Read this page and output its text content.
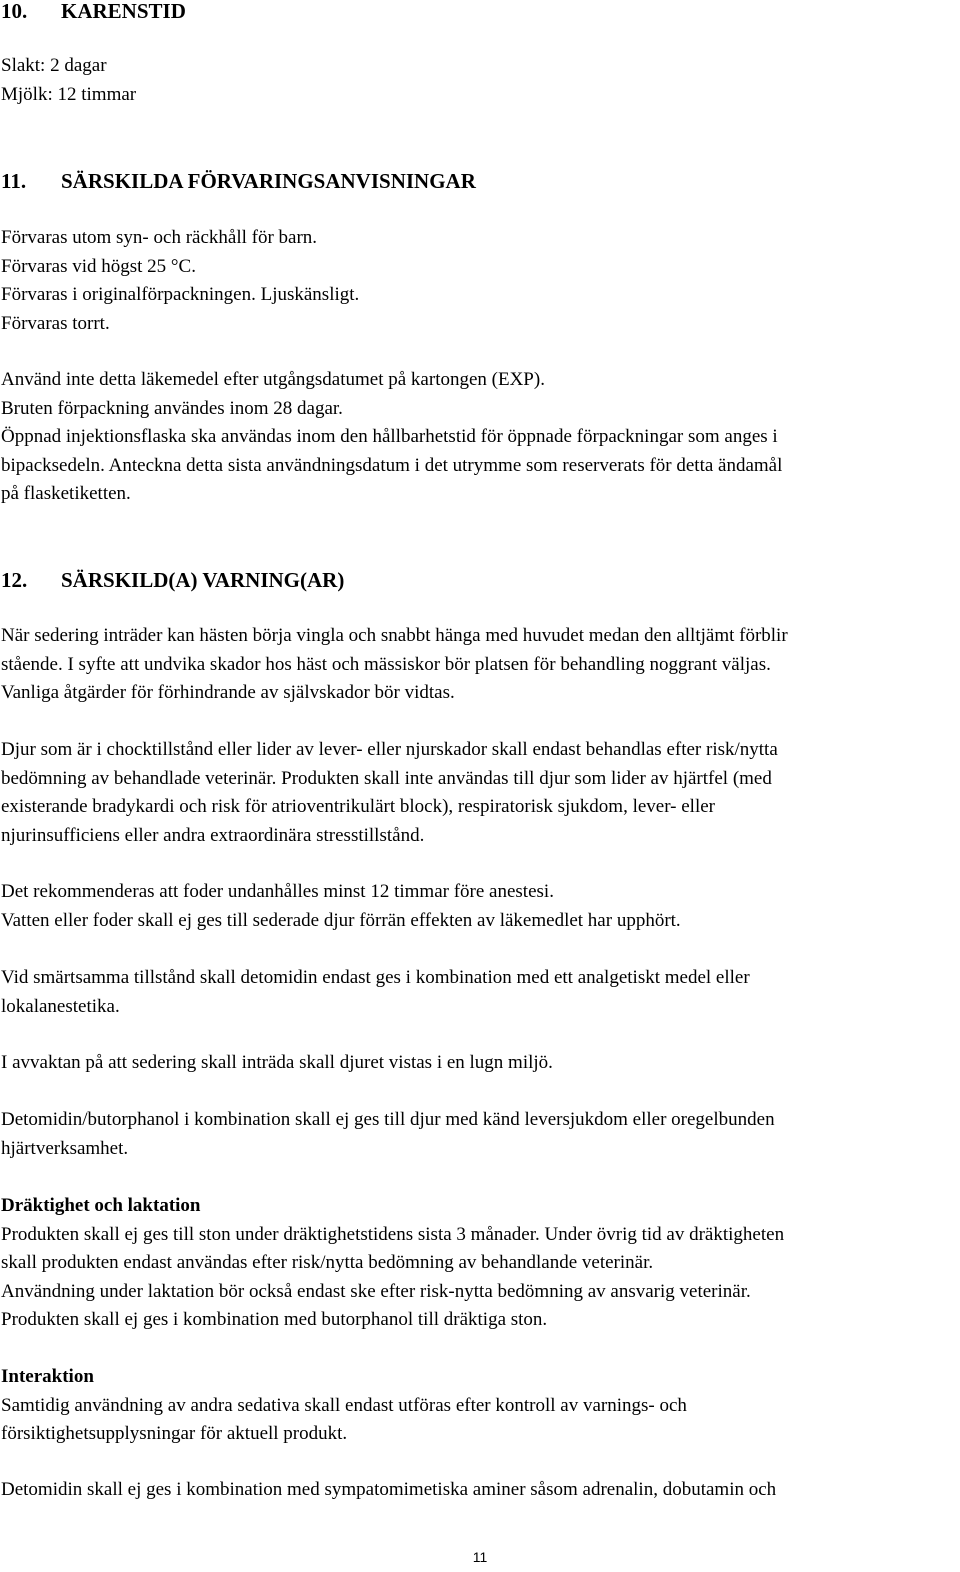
10. KARENSTID
Slakt: 2 dagar
Mjölk: 12 timmar
11. SÄRSKILDA FÖRVARINGSANVISNINGAR
Förvaras utom syn- och räckhåll för barn.
Förvaras vid högst 25 °C.
Förvaras i originalförpackningen. Ljuskänsligt.
Förvaras torrt.
Använd inte detta läkemedel efter utgångsdatumet på kartongen (EXP).
Bruten förpackning användes inom 28 dagar.
Öppnad injektionsflaska ska användas inom den hållbarhetstid för öppnade förpackningar som anges i
bipacksedeln. Anteckna detta sista användningsdatum i det utrymme som reserverats för detta ändamål
på flasketiketten.
12. SÄRSKILD(A) VARNING(AR)
När sedering inträder kan hästen börja vingla och snabbt hänga med huvudet medan den alltjämt förblir
stående. I syfte att undvika skador hos häst och mässiskor bör platsen för behandling noggrant väljas.
Vanliga åtgärder för förhindrande av självskador bör vidtas.
Djur som är i chocktillstånd eller lider av lever- eller njurskador skall endast behandlas efter risk/nytta
bedömning av behandlade veterinär. Produkten skall inte användas till djur som lider av hjärtfel (med
existerande bradykardi och risk för atrioventrikulärt block), respiratorisk sjukdom, lever- eller
njurinsufficiens eller andra extraordinära stresstillstånd.
Det rekommenderas att foder undanhålles minst 12 timmar före anestesi.
Vatten eller foder skall ej ges till sederade djur förrän effekten av läkemedlet har upphört.
Vid smärtsamma tillstånd skall detomidin endast ges i kombination med ett analgetiskt medel eller
lokalanestetika.
I avvaktan på att sedering skall inträda skall djuret vistas i en lugn miljö.
Detomidin/butorphanol i kombination skall ej ges till djur med känd leversjukdom eller oregelbunden
hjärtverksamhet.
Dräktighet och laktation
Produkten skall ej ges till ston under dräktighetstidens sista 3 månader. Under övrig tid av dräktigheten
skall produkten endast användas efter risk/nytta bedömning av behandlande veterinär.
Användning under laktation bör också endast ske efter risk-nytta bedömning av ansvarig veterinär.
Produkten skall ej ges i kombination med butorphanol till dräktiga ston.
Interaktion
Samtidig användning av andra sedativa skall endast utföras efter kontroll av varnings- och
försiktighetsupplysningar för aktuell produkt.
Detomidin skall ej ges i kombination med sympatomimetiska aminer såsom adrenalin, dobutamin och
11
